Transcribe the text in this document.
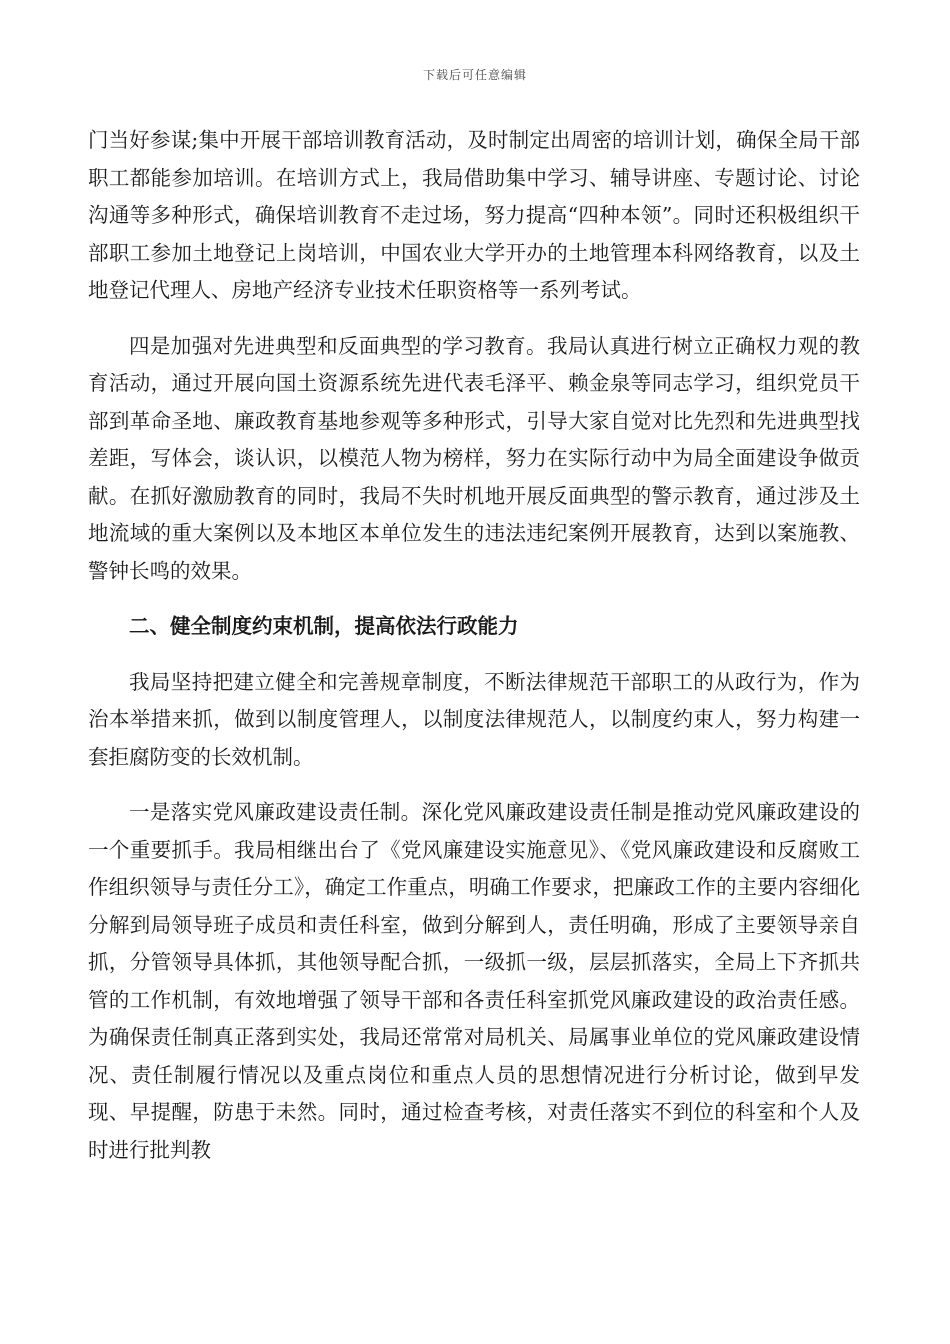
下载后可任意编辑

门当好参谋;集中开展干部培训教育活动，及时制定出周密的培训计划，确保全局干部职工都能参加培训。在培训方式上，我局借助集中学习、辅导讲座、专题讨论、讨论沟通等多种形式，确保培训教育不走过场，努力提高“四种本领”。同时还积极组织干部职工参加土地登记上岗培训，中国农业大学开办的土地管理本科网络教育，以及土地登记代理人、房地产经济专业技术任职资格等一系列考试。

四是加强对先进典型和反面典型的学习教育。我局认真进行树立正确权力观的教育活动，通过开展向国土资源系统先进代表毛泽平、赖金泉等同志学习，组织党员干部到革命圣地、廉政教育基地参观等多种形式，引导大家自觉对比先烈和先进典型找差距，写体会，谈认识，以模范人物为榜样，努力在实际行动中为局全面建设争做贡献。在抓好激励教育的同时，我局不失时机地开展反面典型的警示教育，通过涉及土地流域的重大案例以及本地区本单位发生的违法违纪案例开展教育，达到以案施教、警钟长鸣的效果。

二、健全制度约束机制，提高依法行政能力

我局坚持把建立健全和完善规章制度，不断法律规范干部职工的从政行为，作为治本举措来抓，做到以制度管理人，以制度法律规范人，以制度约束人，努力构建一套拒腐防变的长效机制。

一是落实党风廉政建设责任制。深化党风廉政建设责任制是推动党风廉政建设的一个重要抓手。我局相继出台了《党风廉建设实施意见》、《党风廉政建设和反腐败工作组织领导与责任分工》，确定工作重点，明确工作要求，把廉政工作的主要内容细化分解到局领导班子成员和责任科室，做到分解到人，责任明确，形成了主要领导亲自抓，分管领导具体抓，其他领导配合抓，一级抓一级，层层抓落实，全局上下齐抓共管的工作机制，有效地增强了领导干部和各责任科室抓党风廉政建设的政治责任感。为确保责任制真正落到实处，我局还常常对局机关、局属事业单位的党风廉政建设情况、责任制履行情况以及重点岗位和重点人员的思想情况进行分析讨论，做到早发现、早提醒，防患于未然。同时，通过检查考核，对责任落实不到位的科室和个人及时进行批判教
